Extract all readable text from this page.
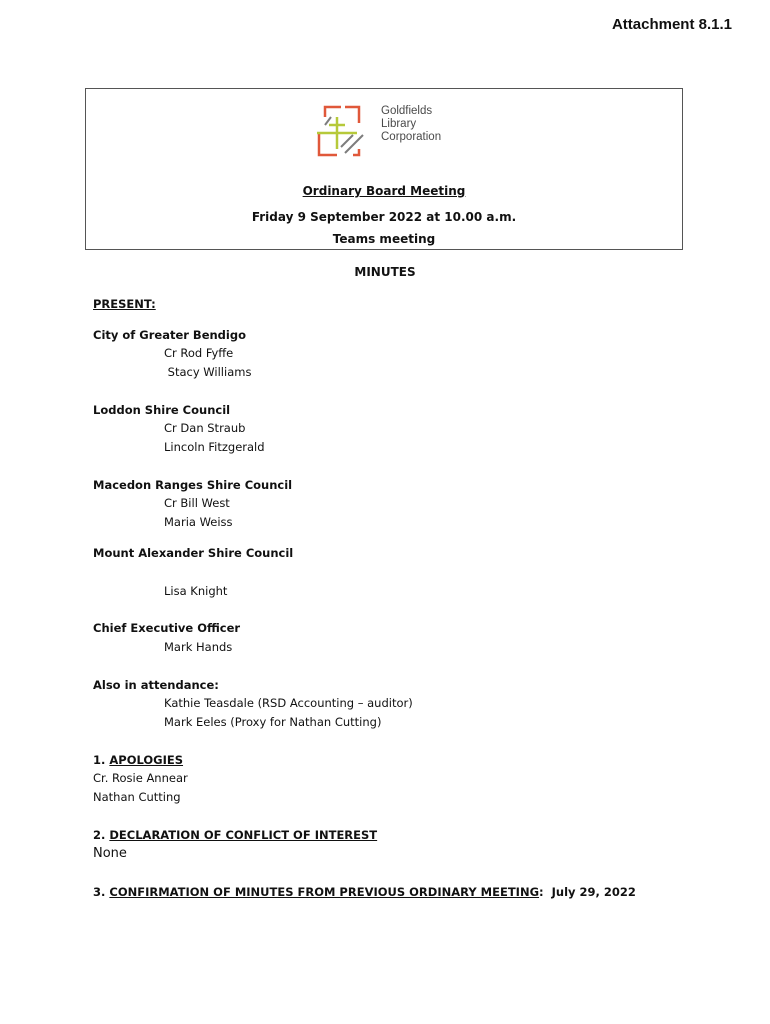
Attachment 8.1.1
Goldfields
Library
Corporation
Ordinary Board Meeting
Friday 9 September 2022 at 10.00 a.m.
Teams meeting
MINUTES
PRESENT:
City of Greater Bendigo
Cr Rod Fyffe
Stacy Williams
Loddon Shire Council
Cr Dan Straub
Lincoln Fitzgerald
Macedon Ranges Shire Council
Cr Bill West
Maria Weiss
Mount Alexander Shire Council
Lisa Knight
Chief Executive Officer
Mark Hands
Also in attendance:
Kathie Teasdale (RSD Accounting – auditor)
Mark Eeles (Proxy for Nathan Cutting)
1. APOLOGIES
Cr. Rosie Annear
Nathan Cutting
2. DECLARATION OF CONFLICT OF INTEREST
None
3. CONFIRMATION OF MINUTES FROM PREVIOUS ORDINARY MEETING:  July 29, 2022
